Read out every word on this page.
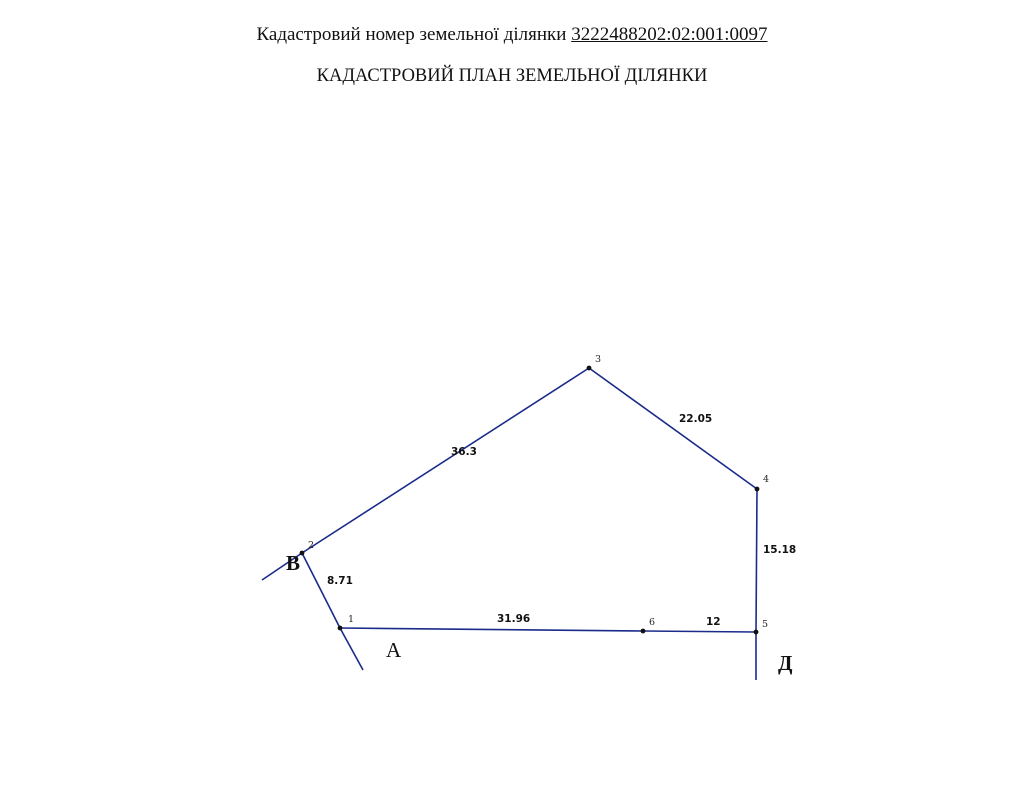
Кадастровий номер земельної ділянки 3222488202:02:001:0097
КАДАСТРОВИЙ ПЛАН ЗЕМЕЛЬНОЇ ДІЛЯНКИ
1
2
3
4
5
6
36.3
22.05
15.18
12
31.96
8.71
В
А
Д
